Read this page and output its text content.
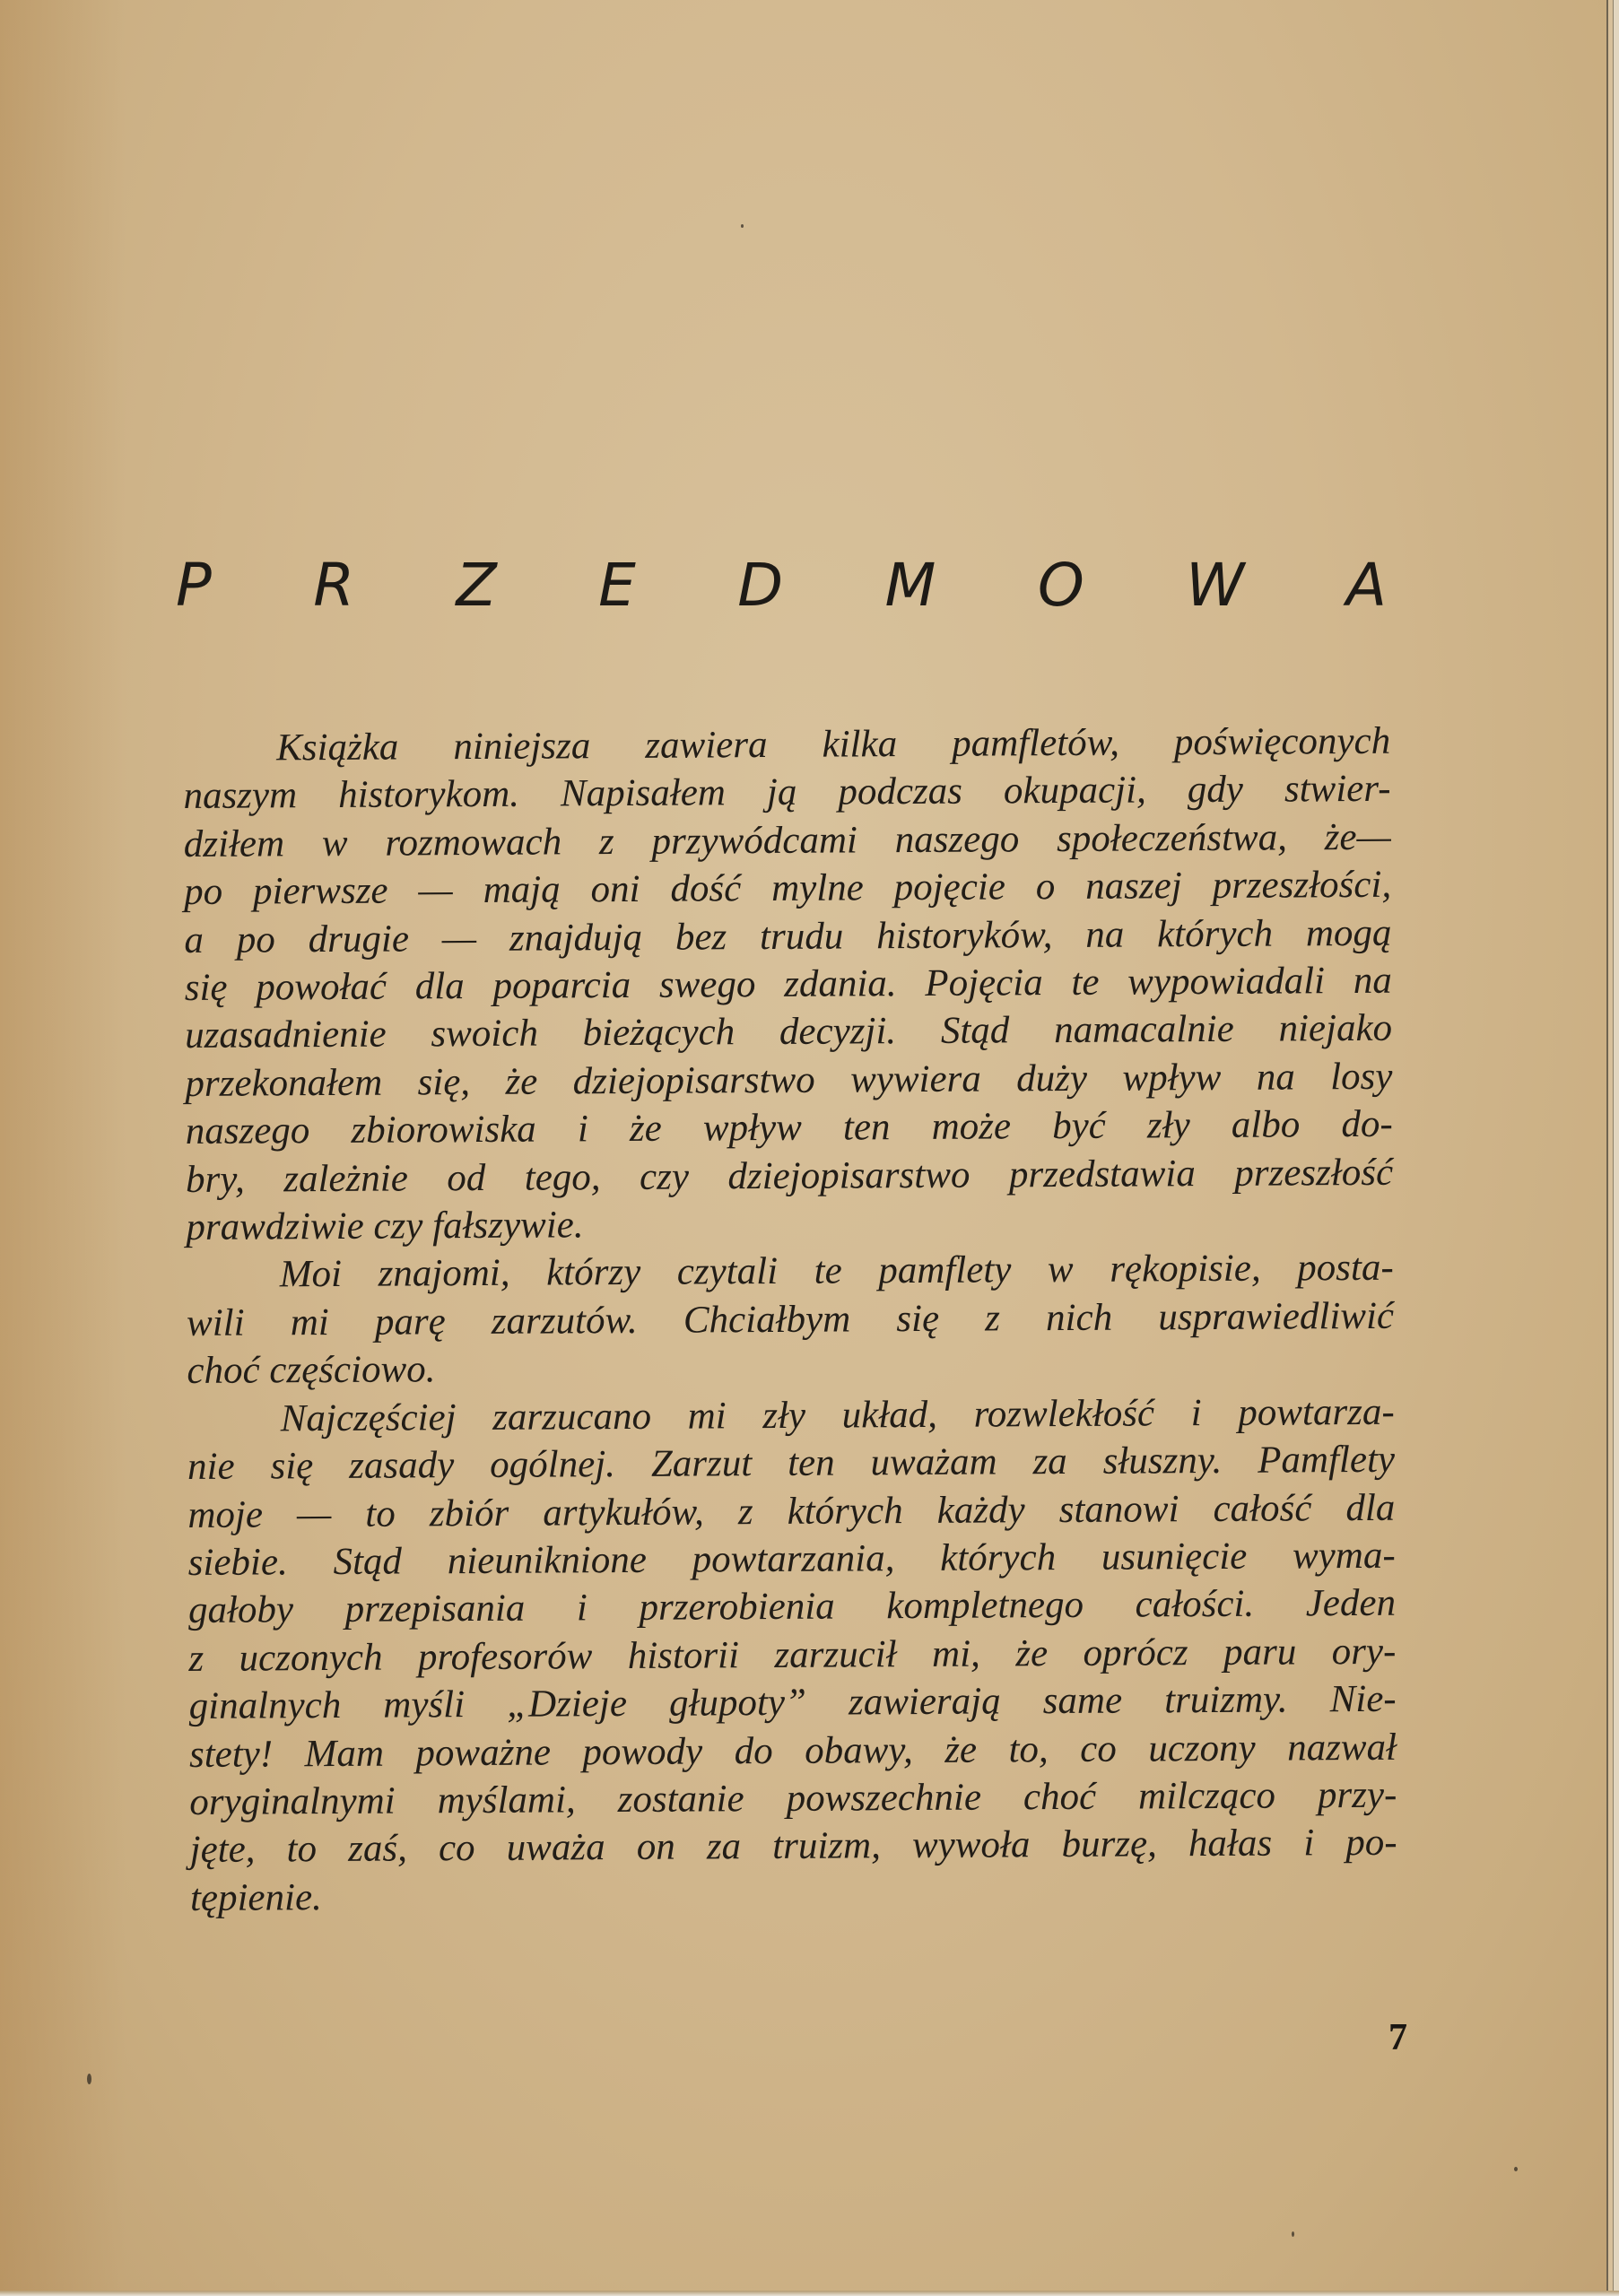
P R Z E D M O W A
Książka niniejsza zawiera kilka pamfletów, poświęconych
naszym historykom. Napisałem ją podczas okupacji, gdy stwier-
dziłem w rozmowach z przywódcami naszego społeczeństwa, że—
po pierwsze — mają oni dość mylne pojęcie o naszej przeszłości,
a po drugie — znajdują bez trudu historyków, na których mogą
się powołać dla poparcia swego zdania. Pojęcia te wypowiadali na
uzasadnienie swoich bieżących decyzji. Stąd namacalnie niejako
przekonałem się, że dziejopisarstwo wywiera duży wpływ na losy
naszego zbiorowiska i że wpływ ten może być zły albo do-
bry, zależnie od tego, czy dziejopisarstwo przedstawia przeszłość
prawdziwie czy fałszywie.
Moi znajomi, którzy czytali te pamflety w rękopisie, posta-
wili mi parę zarzutów. Chciałbym się z nich usprawiedliwić
choć częściowo.
Najczęściej zarzucano mi zły układ, rozwlekłość i powtarza-
nie się zasady ogólnej. Zarzut ten uważam za słuszny. Pamflety
moje — to zbiór artykułów, z których każdy stanowi całość dla
siebie. Stąd nieuniknione powtarzania, których usunięcie wyma-
gałoby przepisania i przerobienia kompletnego całości. Jeden
z uczonych profesorów historii zarzucił mi, że oprócz paru ory-
ginalnych myśli „Dzieje głupoty” zawierają same truizmy. Nie-
stety! Mam poważne powody do obawy, że to, co uczony nazwał
oryginalnymi myślami, zostanie powszechnie choć milcząco przy-
jęte, to zaś, co uważa on za truizm, wywoła burzę, hałas i po-
tępienie.
7
